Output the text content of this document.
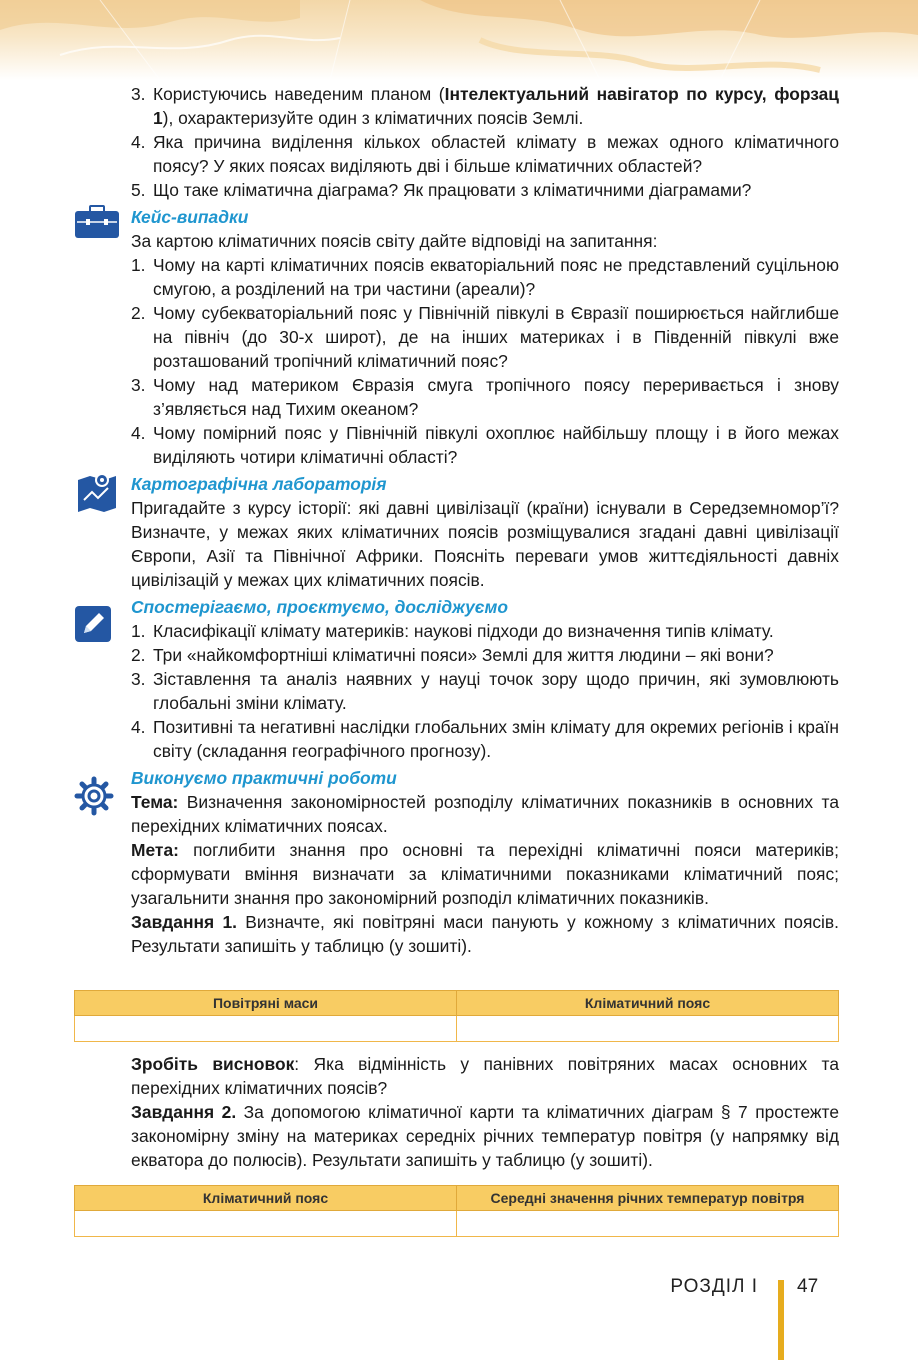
3. Користуючись наведеним планом (Інтелектуальний навігатор по курсу, форзац 1), охарактеризуйте один з кліматичних поясів Землі.
4. Яка причина виділення кількох областей клімату в межах одного кліматичного поясу? У яких поясах виділяють дві і більше кліматичних областей?
5. Що таке кліматична діаграма? Як працювати з кліматичними діаграмами?
Кейс-випадки
За картою кліматичних поясів світу дайте відповіді на запитання:
1. Чому на карті кліматичних поясів екваторіальний пояс не представлений суцільною смугою, а розділений на три частини (ареали)?
2. Чому субекваторіальний пояс у Північній півкулі в Євразії поширюється найглибше на північ (до 30-х широт), де на інших материках і в Південній півкулі вже розташований тропічний кліматичний пояс?
3. Чому над материком Євразія смуга тропічного поясу переривається і знову з’являється над Тихим океаном?
4. Чому помірний пояс у Північній півкулі охоплює найбільшу площу і в його межах виділяють чотири кліматичні області?
Картографічна лабораторія
Пригадайте з курсу історії: які давні цивілізації (країни) існували в Середземномор’ї? Визначте, у межах яких кліматичних поясів розміщувалися згадані давні цивілізації Європи, Азії та Північної Африки. Поясніть переваги умов життєдіяльності давніх цивілізацій у межах цих кліматичних поясів.
Спостерігаємо, проєктуємо, досліджуємо
1. Класифікації клімату материків: наукові підходи до визначення типів клімату.
2. Три «найкомфортніші кліматичні пояси» Землі для життя людини – які вони?
3. Зіставлення та аналіз наявних у науці точок зору щодо причин, які зумовлюють глобальні зміни клімату.
4. Позитивні та негативні наслідки глобальних змін клімату для окремих регіонів і країн світу (складання географічного прогнозу).
Виконуємо практичні роботи
Тема: Визначення закономірностей розподілу кліматичних показників в основних та перехідних кліматичних поясах.
Мета: поглибити знання про основні та перехідні кліматичні пояси материків; сформувати вміння визначати за кліматичними показниками кліматичний пояс; узагальнити знання про закономірний розподіл кліматичних показників.
Завдання 1. Визначте, які повітряні маси панують у кожному з кліматичних поясів. Результати запишіть у таблицю (у зошиті).
Повітряні маси	Кліматичний пояс

Зробіть висновок: Яка відмінність у панівних повітряних масах основних та перехідних кліматичних поясів?
Завдання 2. За допомогою кліматичної карти та кліматичних діаграм § 7 простежте закономірну зміну на материках середніх річних температур повітря (у напрямку від екватора до полюсів). Результати запишіть у таблицю (у зошиті).
Кліматичний пояс	Середні значення річних температур повітря

РОЗДІЛ I 47
